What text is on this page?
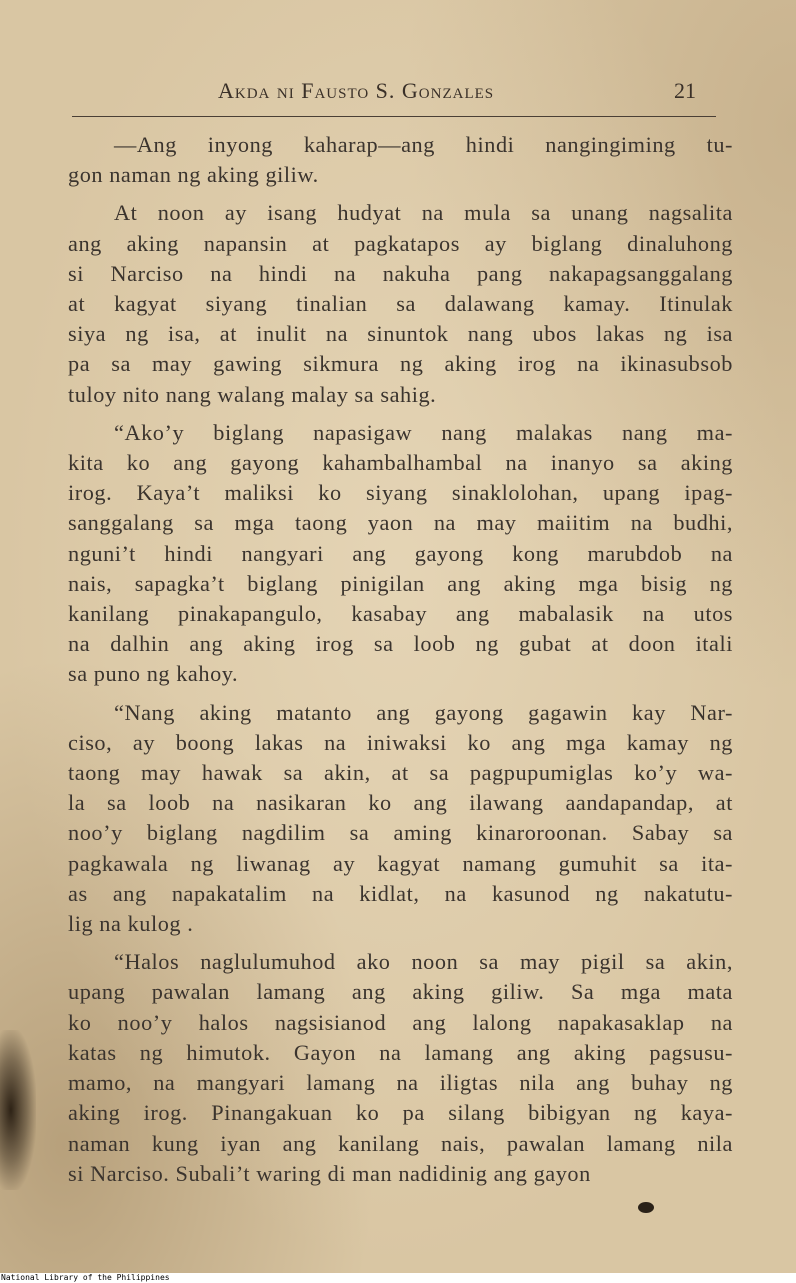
Akda ni Fausto S. Gonzales	21
—Ang inyong kaharap—ang hindi nangingiming tu-
gon naman ng aking giliw.
At noon ay isang hudyat na mula sa unang nagsalita
ang aking napansin at pagkatapos ay biglang dinaluhong
si Narciso na hindi na nakuha pang nakapagsanggalang
at kagyat siyang tinalian sa dalawang kamay. Itinulak
siya ng isa, at inulit na sinuntok nang ubos lakas ng isa
pa sa may gawing sikmura ng aking irog na ikinasubsob
tuloy nito nang walang malay sa sahig.
“Ako’y biglang napasigaw nang malakas nang ma-
kita ko ang gayong kahambalhambal na inanyo sa aking
irog. Kaya’t maliksi ko siyang sinaklolohan, upang ipag-
sanggalang sa mga taong yaon na may maiitim na budhi,
nguni’t hindi nangyari ang gayong kong marubdob na
nais, sapagka’t biglang pinigilan ang aking mga bisig ng
kanilang pinakapangulo, kasabay ang mabalasik na utos
na dalhin ang aking irog sa loob ng gubat at doon itali
sa puno ng kahoy.
“Nang aking matanto ang gayong gagawin kay Nar-
ciso, ay boong lakas na iniwaksi ko ang mga kamay ng
taong may hawak sa akin, at sa pagpupumiglas ko’y wa-
la sa loob na nasikaran ko ang ilawang aandapandap, at
noo’y biglang nagdilim sa aming kinaroroonan. Sabay sa
pagkawala ng liwanag ay kagyat namang gumuhit sa ita-
as ang napakatalim na kidlat, na kasunod ng nakatutu-
lig na kulog .
“Halos naglulumuhod ako noon sa may pigil sa akin,
upang pawalan lamang ang aking giliw. Sa mga mata
ko noo’y halos nagsisianod ang lalong napakasaklap na
katas ng himutok. Gayon na lamang ang aking pagsusu-
mamo, na mangyari lamang na iligtas nila ang buhay ng
aking irog. Pinangakuan ko pa silang bibigyan ng kaya-
naman kung iyan ang kanilang nais, pawalan lamang nila
si Narciso. Subali’t waring di man nadidinig ang gayon
National Library of the Philippines
